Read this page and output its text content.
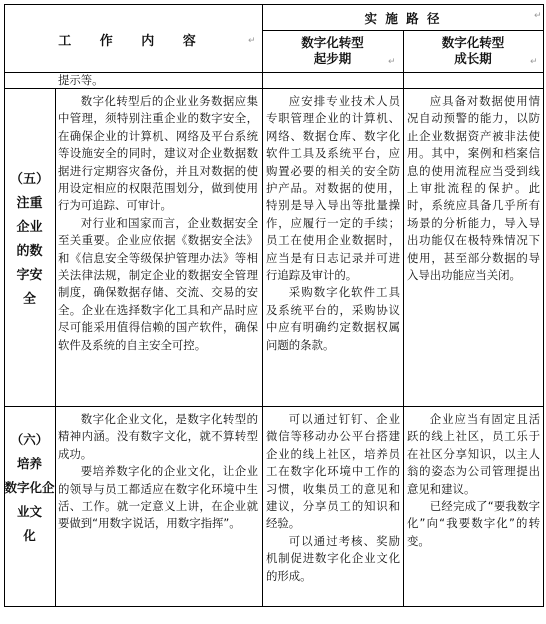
工 作 内 容
实 施 路 径
数字化转型
起步期
数字化转型
成长期

提示等。

（五）
注重
企业
的数
字安
全

数字化转型后的企业业务数据应集中管理，须特别注重企业的数字安全，在确保企业的计算机、网络及平台系统等设施安全的同时，建议对企业数据数据进行定期容灾备份，并且对数据的使用设定相应的权限范围划分，做到使用行为可追踪、可审计。

对行业和国家而言，企业数据安全至关重要。企业应依据《数据安全法》和《信息安全等级保护管理办法》等相关法律法规，制定企业的数据安全管理制度，确保数据存储、交流、交易的安全。企业在选择数字化工具和产品时应尽可能采用值得信赖的国产软件，确保软件及系统的自主安全可控。

应安排专业技术人员专职管理企业的计算机、网络、数据仓库、数字化软件工具及系统平台，应购置必要的相关的安全防护产品。对数据的使用，特别是导入导出等批量操作，应履行一定的手续；员工在使用企业数据时，应当是有日志记录并可进行追踪及审计的。

采购数字化软件工具及系统平台的，采购协议中应有明确约定数据权属问题的条款。

应具备对数据使用情况自动预警的能力，以防止企业数据资产被非法使用。其中，案例和档案信息的使用流程应当受到线上审批流程的保护。此时，系统应具备几乎所有场景的分析能力，导入导出功能仅在极特殊情况下使用，甚至部分数据的导入导出功能应当关闭。

（六）
培养
数字化企
业文
化

数字化企业文化，是数字化转型的精神内涵。没有数字文化，就不算转型成功。

要培养数字化的企业文化，让企业的领导与员工都适应在数字化环境中生活、工作。就一定意义上讲，在企业就要做到“用数字说话，用数字指挥”。

可以通过钉钉、企业微信等移动办公平台搭建企业的线上社区，培养员工在数字化环境中工作的习惯，收集员工的意见和建议，分享员工的知识和经验。

可以通过考核、奖励机制促进数字化企业文化的形成。

企业应当有固定且活跃的线上社区，员工乐于在社区分享知识，以主人翁的姿态为公司管理提出意见和建议。

已经完成了“要我数字化”向“我要数字化”的转变。

↵
↵
↵	↵
